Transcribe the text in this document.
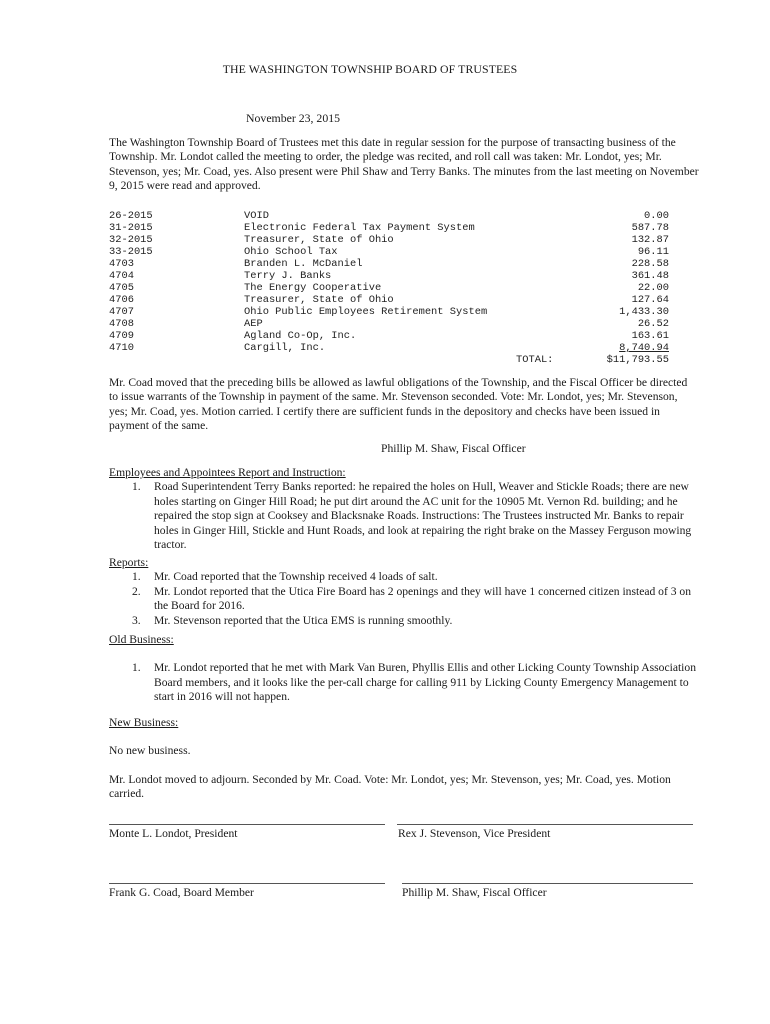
THE WASHINGTON TOWNSHIP BOARD OF TRUSTEES
November 23, 2015
The Washington Township Board of Trustees met this date in regular session for the purpose of transacting business of the Township. Mr. Londot called the meeting to order, the pledge was recited, and roll call was taken: Mr. Londot, yes; Mr. Stevenson, yes; Mr. Coad, yes. Also present were Phil Shaw and Terry Banks. The minutes from the last meeting on November 9, 2015 were read and approved.
26-2015	VOID	0.00
31-2015	Electronic Federal Tax Payment System	587.78
32-2015	Treasurer, State of Ohio	132.87
33-2015	Ohio School Tax	96.11
4703	Branden L. McDaniel	228.58
4704	Terry J. Banks	361.48
4705	The Energy Cooperative	22.00
4706	Treasurer, State of Ohio	127.64
4707	Ohio Public Employees Retirement System	1,433.30
4708	AEP	26.52
4709	Agland Co-Op, Inc.	163.61
4710	Cargill, Inc.	8,740.94
TOTAL:	$11,793.55
Mr. Coad moved that the preceding bills be allowed as lawful obligations of the Township, and the Fiscal Officer be directed to issue warrants of the Township in payment of the same. Mr. Stevenson seconded. Vote: Mr. Londot, yes; Mr. Stevenson, yes; Mr. Coad, yes. Motion carried. I certify there are sufficient funds in the depository and checks have been issued in payment of the same.
Phillip M. Shaw, Fiscal Officer
Employees and Appointees Report and Instruction:
1. Road Superintendent Terry Banks reported: he repaired the holes on Hull, Weaver and Stickle Roads; there are new holes starting on Ginger Hill Road; he put dirt around the AC unit for the 10905 Mt. Vernon Rd. building; and he repaired the stop sign at Cooksey and Blacksnake Roads. Instructions: The Trustees instructed Mr. Banks to repair holes in Ginger Hill, Stickle and Hunt Roads, and look at repairing the right brake on the Massey Ferguson mowing tractor.
Reports:
1. Mr. Coad reported that the Township received 4 loads of salt.
2. Mr. Londot reported that the Utica Fire Board has 2 openings and they will have 1 concerned citizen instead of 3 on the Board for 2016.
3. Mr. Stevenson reported that the Utica EMS is running smoothly.
Old Business:
1. Mr. Londot reported that he met with Mark Van Buren, Phyllis Ellis and other Licking County Township Association Board members, and it looks like the per-call charge for calling 911 by Licking County Emergency Management to start in 2016 will not happen.
New Business:
No new business.
Mr. Londot moved to adjourn. Seconded by Mr. Coad. Vote: Mr. Londot, yes; Mr. Stevenson, yes; Mr. Coad, yes. Motion carried.
Monte L. Londot, President	Rex J. Stevenson, Vice President
Frank G. Coad, Board Member	Phillip M. Shaw, Fiscal Officer
